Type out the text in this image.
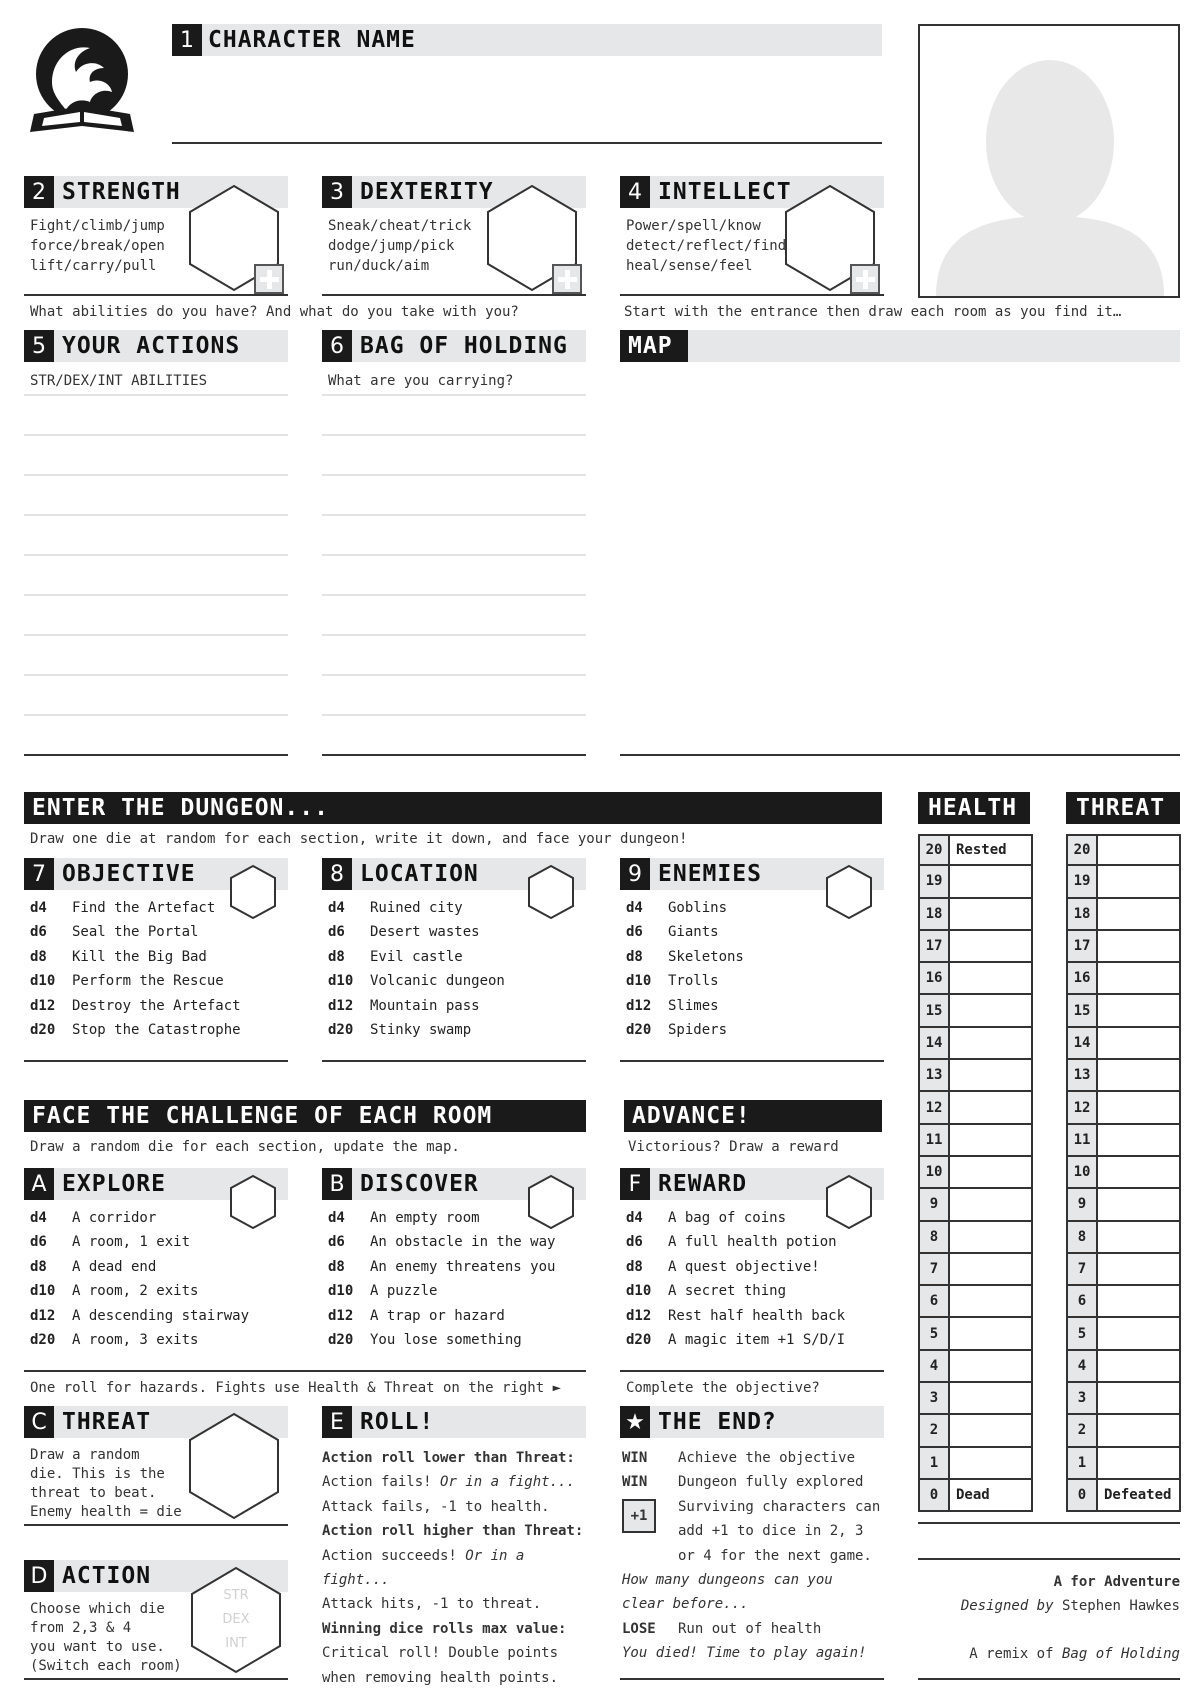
1 CHARACTER NAME
2 STRENGTH
Fight/climb/jump
force/break/open
lift/carry/pull
3 DEXTERITY
Sneak/cheat/trick
dodge/jump/pick
run/duck/aim
4 INTELLECT
Power/spell/know
detect/reflect/find
heal/sense/feel
What abilities do you have? And what do you take with you?	Start with the entrance then draw each room as you find it…
5 YOUR ACTIONS
STR/DEX/INT ABILITIES
6 BAG OF HOLDING
What are you carrying?
MAP
ENTER THE DUNGEON...
Draw one die at random for each section, write it down, and face your dungeon!
7 OBJECTIVE
d4	Find the Artefact
d6	Seal the Portal
d8	Kill the Big Bad
d10	Perform the Rescue
d12	Destroy the Artefact
d20	Stop the Catastrophe
8 LOCATION
d4	Ruined city
d6	Desert wastes
d8	Evil castle
d10	Volcanic dungeon
d12	Mountain pass
d20	Stinky swamp
9 ENEMIES
d4	Goblins
d6	Giants
d8	Skeletons
d10	Trolls
d12	Slimes
d20	Spiders
FACE THE CHALLENGE OF EACH ROOM
Draw a random die for each section, update the map.
ADVANCE!
Victorious? Draw a reward
A EXPLORE
d4	A corridor
d6	A room, 1 exit
d8	A dead end
d10	A room, 2 exits
d12	A descending stairway
d20	A room, 3 exits
B DISCOVER
d4	An empty room
d6	An obstacle in the way
d8	An enemy threatens you
d10	A puzzle
d12	A trap or hazard
d20	You lose something
F REWARD
d4	A bag of coins
d6	A full health potion
d8	A quest objective!
d10	A secret thing
d12	Rest half health back
d20	A magic item +1 S/D/I
One roll for hazards. Fights use Health & Threat on the right ►	Complete the objective?
C THREAT
Draw a random
die. This is the
threat to beat.
Enemy health = die
D ACTION
Choose which die
from 2,3 & 4
you want to use.
(Switch each room)
STR
DEX
INT
E ROLL!
Action roll lower than Threat:
Action fails! Or in a fight...
Attack fails, -1 to health.
Action roll higher than Threat:
Action succeeds! Or in a fight...
Attack hits, -1 to threat.
Winning dice rolls max value:
Critical roll! Double points
when removing health points.
★ THE END?
WIN	Achieve the objective
WIN	Dungeon fully explored
+1
Surviving characters can
add +1 to dice in 2, 3
or 4 for the next game.
How many dungeons can you
clear before...
LOSE	Run out of health
You died! Time to play again!
HEALTH	THREAT
20 Rested
19
18
17
16
15
14
13
12
11
10
9
8
7
6
5
4
3
2
1
0	Dead
20
19
18
17
16
15
14
13
12
11
10
9
8
7
6
5
4
3
2
1
0	Defeated
A for Adventure
Designed by Stephen Hawkes
A remix of Bag of Holding
